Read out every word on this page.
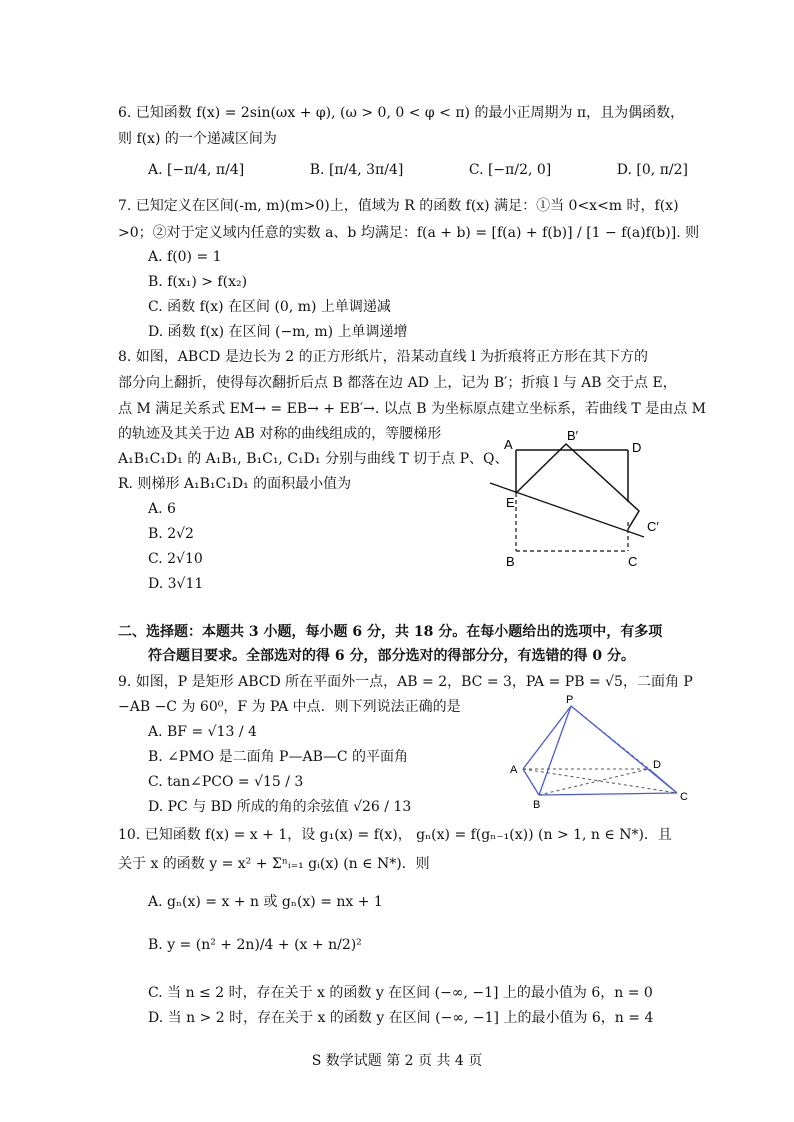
6. 已知函数 f(x) = 2sin(ωx + φ), (ω > 0, 0 < φ < π) 的最小正周期为 π，且为偶函数，
则 f(x) 的一个递减区间为
A. [−π/4, π/4]	B. [π/4, 3π/4]	C. [−π/2, 0]	D. [0, π/2]
7. 已知定义在区间(-m, m)(m>0)上，值域为 R 的函数 f(x) 满足：①当 0<x<m 时，f(x)
>0；②对于定义域内任意的实数 a、b 均满足：f(a + b) = [f(a) + f(b)] / [1 − f(a)f(b)]. 则
A. f(0) = 1
B. f(x₁) > f(x₂)
C. 函数 f(x) 在区间 (0, m) 上单调递减
D. 函数 f(x) 在区间 (−m, m) 上单调递增
8. 如图，ABCD 是边长为 2 的正方形纸片，沿某动直线 l 为折痕将正方形在其下方的
部分向上翻折，使得每次翻折后点 B 都落在边 AD 上，记为 B′；折痕 l 与 AB 交于点 E，
点 M 满足关系式 EM→ = EB→ + EB′→. 以点 B 为坐标原点建立坐标系，若曲线 T 是由点 M
的轨迹及其关于边 AB 对称的曲线组成的，等腰梯形
A₁B₁C₁D₁ 的 A₁B₁, B₁C₁, C₁D₁ 分别与曲线 T 切于点 P、Q、
R. 则梯形 A₁B₁C₁D₁ 的面积最小值为
A. 6
B. 2√2
C. 2√10
D. 3√11
A
B′
D
E
C′
B	C
二、选择题：本题共 3 小题，每小题 6 分，共 18 分。在每小题给出的选项中，有多项
符合题目要求。全部选对的得 6 分，部分选对的得部分分，有选错的得 0 分。
9. 如图，P 是矩形 ABCD 所在平面外一点，AB = 2，BC = 3，PA = PB = √5，二面角 P
−AB −C 为 60⁰，F 为 PA 中点．则下列说法正确的是
A. BF = √13 / 4
B. ∠PMO 是二面角 P—AB—C 的平面角
C. tan∠PCO = √15 / 3
D. PC 与 BD 所成的角的余弦值 √26 / 13
P
A
B
C
D
10. 已知函数 f(x) = x + 1，设 g₁(x) = f(x)， gₙ(x) = f(gₙ₋₁(x)) (n > 1, n ∈ N*)．且
关于 x 的函数 y = x² + Σⁿᵢ₌₁ gᵢ(x) (n ∈ N*)．则
A. gₙ(x) = x + n 或 gₙ(x) = nx + 1
B. y = (n² + 2n)/4 + (x + n/2)²
C. 当 n ≤ 2 时，存在关于 x 的函数 y 在区间 (−∞, −1] 上的最小值为 6，n = 0
D. 当 n > 2 时，存在关于 x 的函数 y 在区间 (−∞, −1] 上的最小值为 6，n = 4
S 数学试题 第 2 页 共 4 页
